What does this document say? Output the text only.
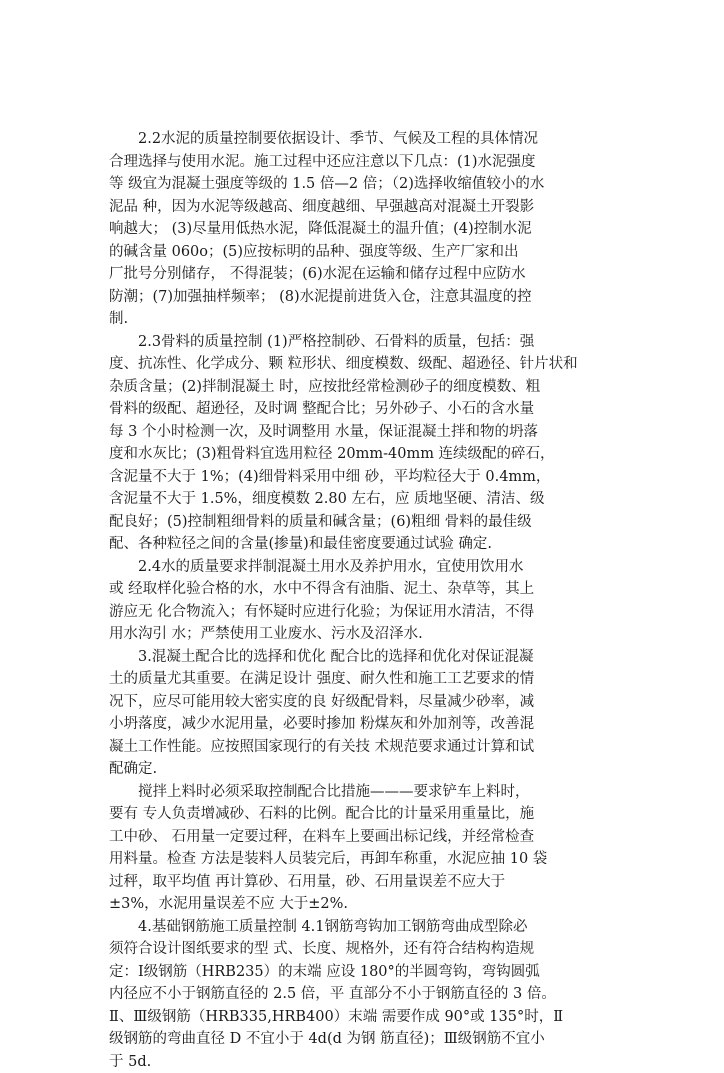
2.2水泥的质量控制要依据设计、季节、气候及工程的具体情况
合理选择与使用水泥。施工过程中还应注意以下几点：(1)水泥强度
等 级宜为混凝土强度等级的 1.5 倍—2 倍；（2)选择收缩值较小的水
泥品 种，因为水泥等级越高、细度越细、早强越高对混凝土开裂影
响越大； (3)尽量用低热水泥，降低混凝土的温升值；(4)控制水泥
的碱含量 060o；(5)应按标明的品种、强度等级、生产厂家和出
厂批号分别储存， 不得混装；(6)水泥在运输和储存过程中应防水
防潮；(7)加强抽样频率； (8)水泥提前进货入仓，注意其温度的控
制.

2.3骨料的质量控制 (1)严格控制砂、石骨料的质量，包括：强
度、抗冻性、化学成分、颗 粒形状、细度模数、级配、超逊径、针片状和
杂质含量；(2)拌制混凝土 时，应按批经常检测砂子的细度模数、粗
骨料的级配、超逊径，及时调 整配合比；另外砂子、小石的含水量
每 3 个小时检测一次，及时调整用 水量，保证混凝土拌和物的坍落
度和水灰比；(3)粗骨料宜选用粒径 20mm-40mm 连续级配的碎石，
含泥量不大于 1%；(4)细骨料采用中细 砂，平均粒径大于 0.4mm，
含泥量不大于 1.5%，细度模数 2.80 左右，应 质地坚硬、清洁、级
配良好；(5)控制粗细骨料的质量和碱含量；(6)粗细 骨料的最佳级
配、各种粒径之间的含量(掺量)和最佳密度要通过试验 确定.

2.4水的质量要求拌制混凝土用水及养护用水，宜使用饮用水
或 经取样化验合格的水，水中不得含有油脂、泥土、杂草等，其上
游应无 化合物流入；有怀疑时应进行化验；为保证用水清洁，不得
用水沟引 水；严禁使用工业废水、污水及沼泽水.

3.混凝土配合比的选择和优化 配合比的选择和优化对保证混凝
土的质量尤其重要。在满足设计 强度、耐久性和施工工艺要求的情
况下，应尽可能用较大密实度的良 好级配骨料，尽量减少砂率，减
小坍落度，减少水泥用量，必要时掺加 粉煤灰和外加剂等，改善混
凝土工作性能。应按照国家现行的有关技 术规范要求通过计算和试
配确定.

搅拌上料时必须采取控制配合比措施———要求铲车上料时，
要有 专人负责增减砂、石料的比例。配合比的计量采用重量比，施
工中砂、 石用量一定要过秤，在料车上要画出标记线，并经常检查
用料量。检查 方法是装料人员装完后，再卸车称重，水泥应抽 10 袋
过秤，取平均值 再计算砂、石用量，砂、石用量误差不应大于
±3%，水泥用量误差不应 大于±2%.

4.基础钢筋施工质量控制 4.1钢筋弯钩加工钢筋弯曲成型除必
须符合设计图纸要求的型 式、长度、规格外，还有符合结构构造规
定：Ⅰ级钢筋（HRB235）的末端 应设 180°的半圆弯钩，弯钩圆弧
内径应不小于钢筋直径的 2.5 倍，平 直部分不小于钢筋直径的 3 倍。
Ⅱ、Ⅲ级钢筋（HRB335,HRB400）末端 需要作成 90°或 135°时，Ⅱ
级钢筋的弯曲直径 D 不宜小于 4d(d 为钢 筋直径)；Ⅲ级钢筋不宜小
于 5d.
